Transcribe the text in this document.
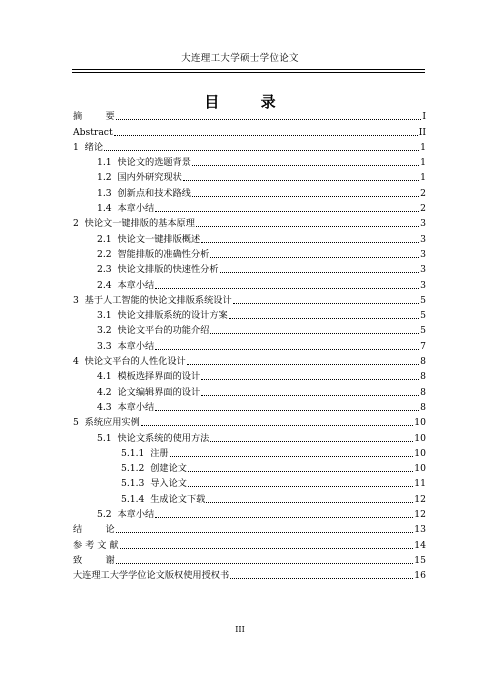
大连理工大学硕士学位论文
目 录
摘        要	I
Abstract	II
1  绪论	1
1.1  快论文的选题背景	1
1.2  国内外研究现状	1
1.3  创新点和技术路线	2
1.4  本章小结	2
2  快论文一键排版的基本原理	3
2.1  快论文一键排版概述	3
2.2  智能排版的准确性分析	3
2.3  快论文排版的快速性分析	3
2.4  本章小结	3
3  基于人工智能的快论文排版系统设计	5
3.1  快论文排版系统的设计方案	5
3.2  快论文平台的功能介绍	5
3.3  本章小结	7
4  快论文平台的人性化设计	8
4.1  模板选择界面的设计	8
4.2  论文编辑界面的设计	8
4.3  本章小结	8
5  系统应用实例	10
5.1  快论文系统的使用方法	10
5.1.1  注册	10
5.1.2  创建论文	10
5.1.3  导入论文	11
5.1.4  生成论文下载	12
5.2  本章小结	12
结        论	13
参 考 文 献	14
致        谢	15
大连理工大学学位论文版权使用授权书	16
III
